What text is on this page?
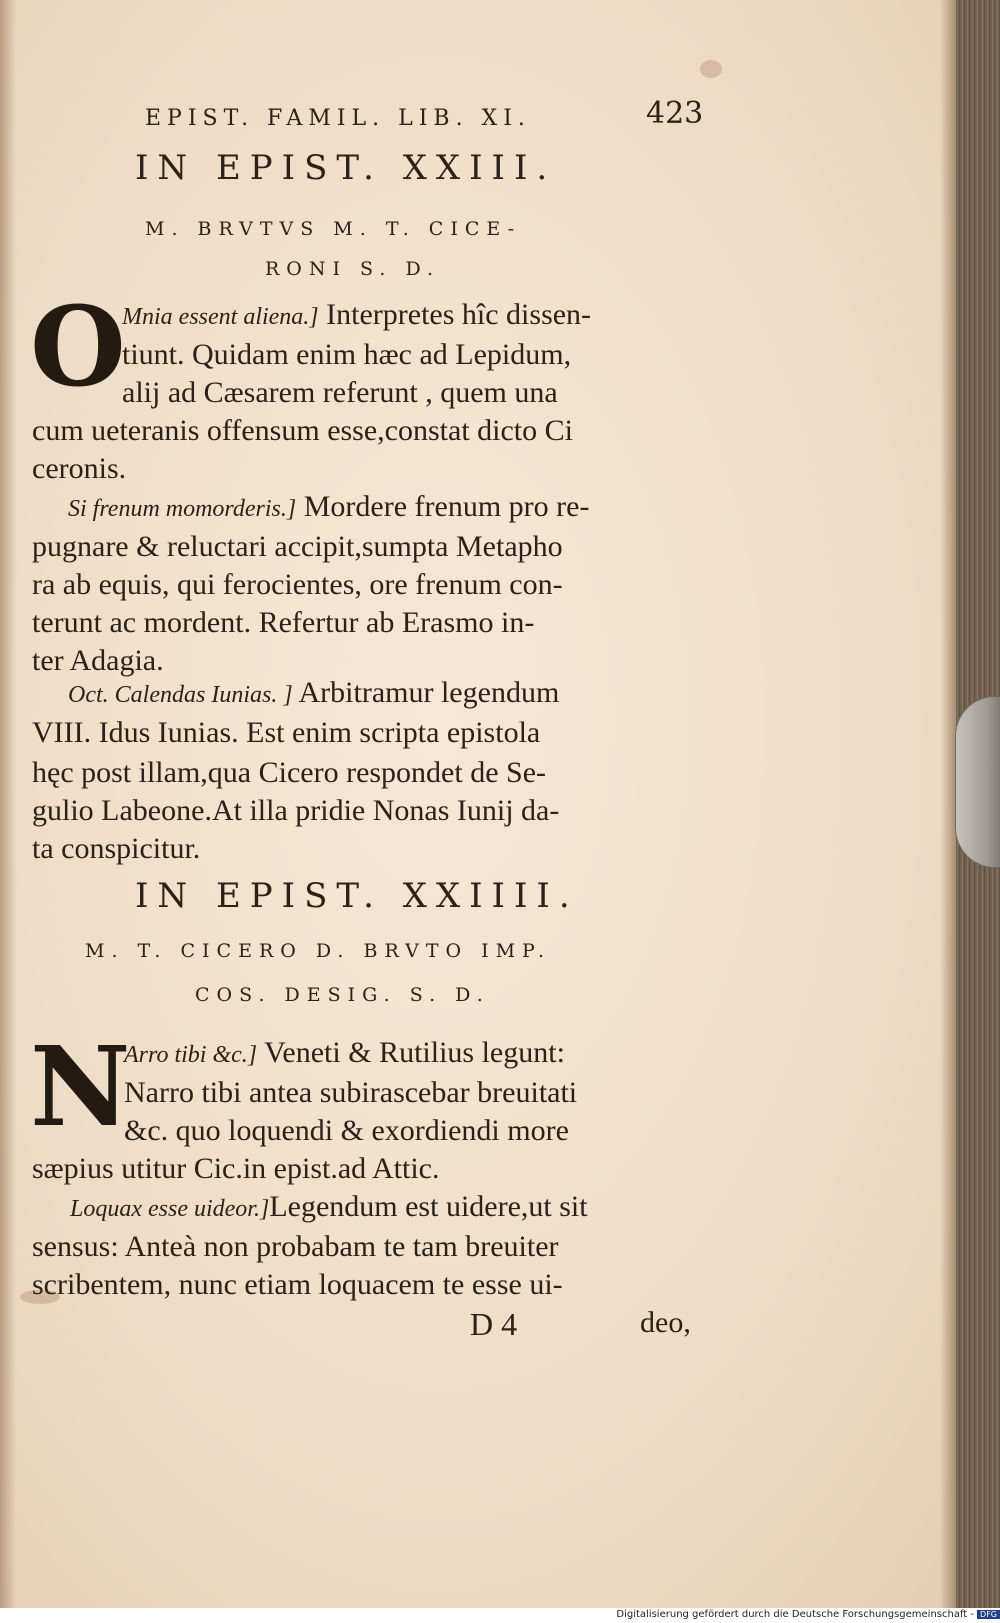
EPIST. FAMIL. LIB. XI.	423
IN EPIST. XXIII.
M. BRVTVS M. T. CICE-
RONI S. D.
O
Mnia essent aliena.] Interpretes hîc dissen-
tiunt. Quidam enim hæc ad Lepidum,
alij ad Cæsarem referunt , quem una
cum ueteranis offensum esse,constat dicto Ci
ceronis.
Si frenum momorderis.] Mordere frenum pro re-
pugnare & reluctari accipit,sumpta Metapho
ra ab equis, qui ferocientes, ore frenum con-
terunt ac mordent. Refertur ab Erasmo in-
ter Adagia.
Oct. Calendas Iunias. ] Arbitramur legendum
VIII. Idus Iunias. Est enim scripta epistola
hęc post illam,qua Cicero respondet de Se-
gulio Labeone.At illa pridie Nonas Iunij da-
ta conspicitur.
IN EPIST. XXIIII.
M. T. CICERO D. BRVTO IMP.
COS. DESIG. S. D.
N
Arro tibi &c.] Veneti & Rutilius legunt:
Narro tibi antea subirascebar breuitati
&c. quo loquendi & exordiendi more
sæpius utitur Cic.in epist.ad Attic.
Loquax esse uideor.]Legendum est uidere,ut sit
sensus: Anteà non probabam te tam breuiter
scribentem, nunc etiam loquacem te esse ui-
D 4	deo,
Digitalisierung gefördert durch die Deutsche Forschungsgemeinschaft - DFG
